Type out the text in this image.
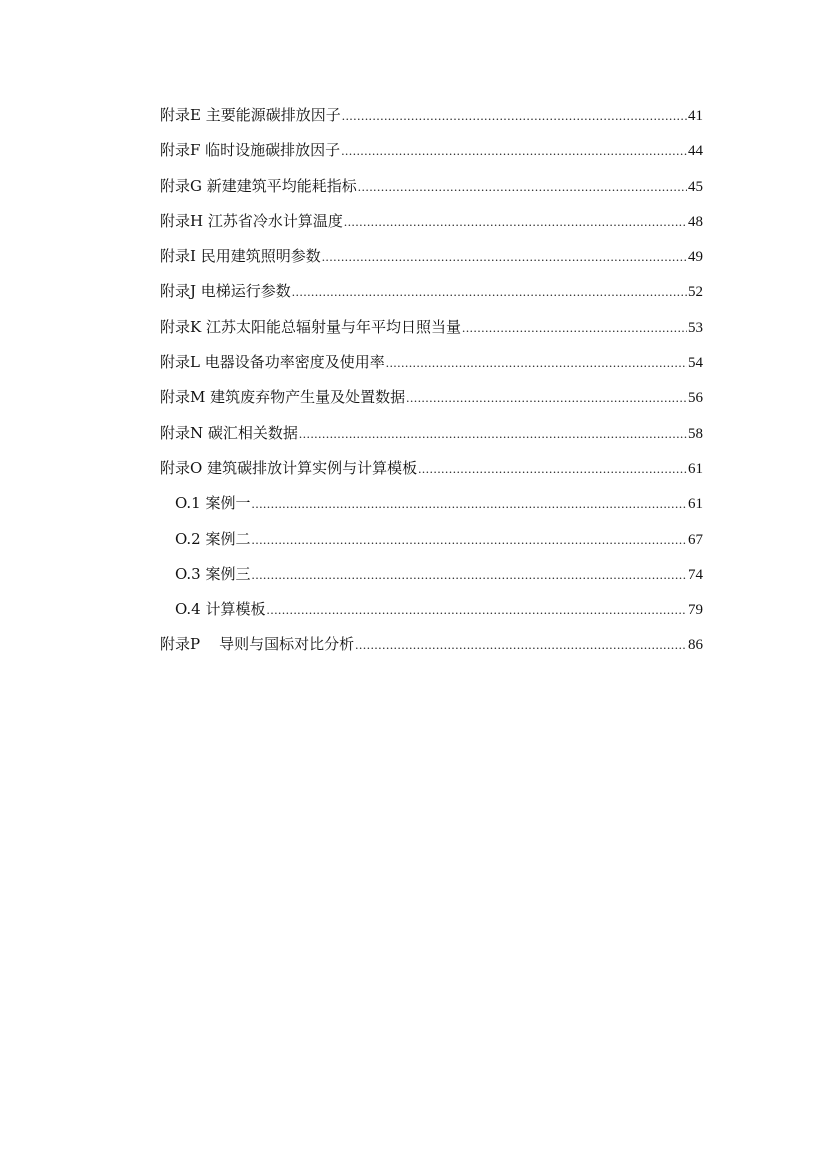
附录E 主要能源碳排放因子 .....	41
附录F 临时设施碳排放因子 .....	44
附录G 新建建筑平均能耗指标 .....	45
附录H 江苏省冷水计算温度 .....	48
附录I 民用建筑照明参数 .....	49
附录J 电梯运行参数 .....	52
附录K 江苏太阳能总辐射量与年平均日照当量 .....	53
附录L 电器设备功率密度及使用率 .....	54
附录M 建筑废弃物产生量及处置数据 .....	56
附录N 碳汇相关数据 .....	58
附录O 建筑碳排放计算实例与计算模板 .....	61
O.1 案例一 .....	61
O.2 案例二 .....	67
O.3 案例三 .....	74
O.4 计算模板 .....	79
附录P    导则与国标对比分析 .....	86
